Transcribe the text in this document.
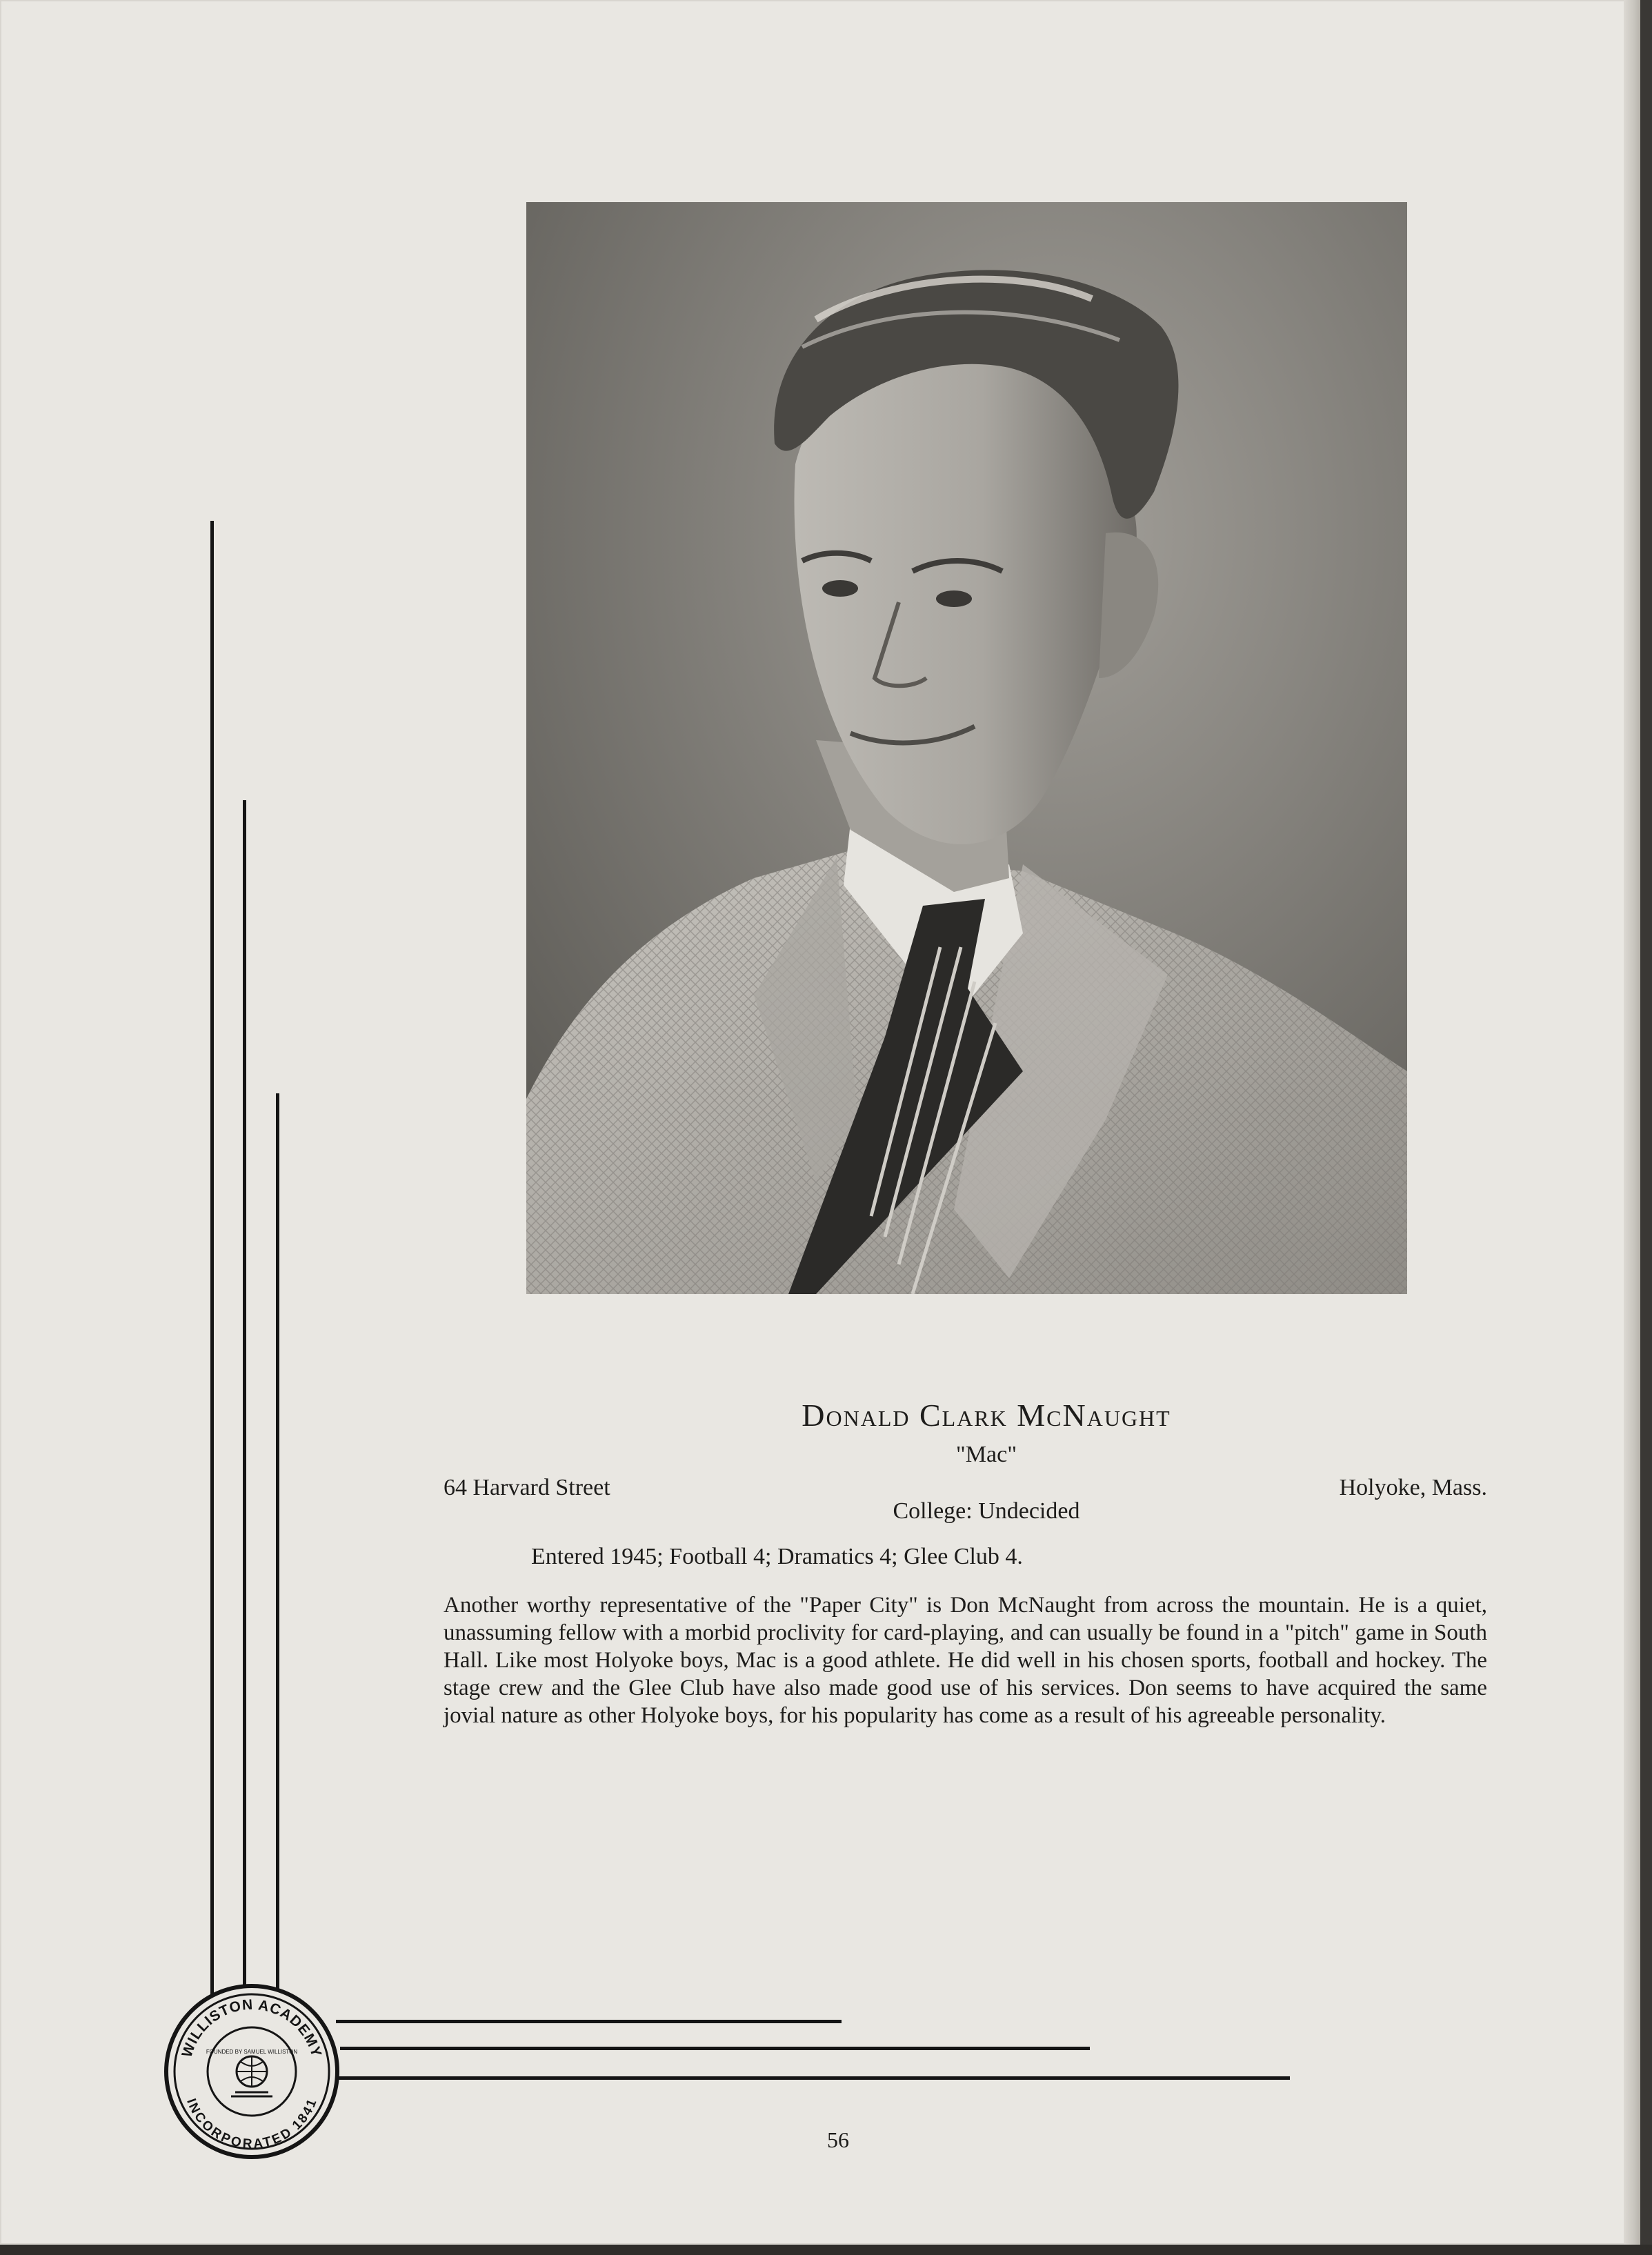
WILLISTON ACADEMY
INCORPORATED 1841
FOUNDED BY SAMUEL WILLISTON
Donald Clark McNaught
"Mac"
64 Harvard Street	Holyoke, Mass.
College: Undecided
Entered 1945; Football 4; Dramatics 4; Glee Club 4.
Another worthy representative of the "Paper City" is Don McNaught from across the mountain. He is a quiet, unassuming fellow with a morbid proclivity for card-playing, and can usually be found in a "pitch" game in South Hall. Like most Holyoke boys, Mac is a good athlete. He did well in his chosen sports, football and hockey. The stage crew and the Glee Club have also made good use of his services. Don seems to have acquired the same jovial nature as other Holyoke boys, for his popularity has come as a result of his agreeable personality.
56
